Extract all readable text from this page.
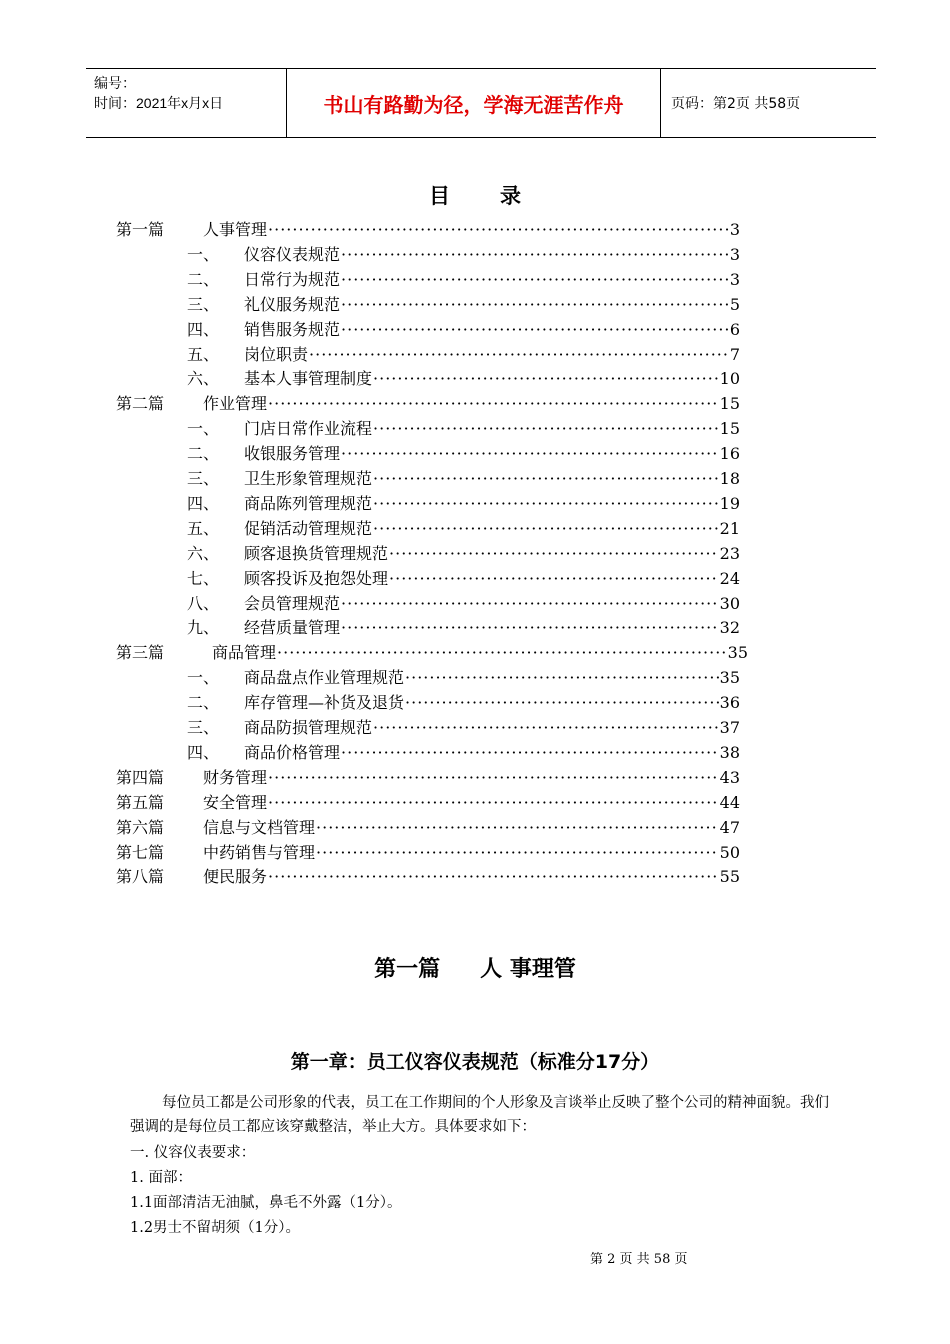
编号：
时间：2021年x月x日	书山有路勤为径，学海无涯苦作舟	页码：第2页 共58页
目 录
第一篇 人事管理 ·····	3
一、 仪容仪表规范 ·····	3
二、 日常行为规范 ·····	3
三、 礼仪服务规范 ·····	5
四、 销售服务规范 ·····	6
五、 岗位职责 ·····	7
六、 基本人事管理制度 ·····	10
第二篇 作业管理 ·····	15
一、 门店日常作业流程 ·····	15
二、 收银服务管理 ·····	16
三、 卫生形象管理规范 ·····	18
四、 商品陈列管理规范 ·····	19
五、 促销活动管理规范 ·····	21
六、 顾客退换货管理规范 ·····	23
七、 顾客投诉及抱怨处理 ·····	24
八、 会员管理规范 ·····	30
九、 经营质量管理 ·····	32
第三篇	商品管理 ·····	35
一、 商品盘点作业管理规范 ·····	35
二、 库存管理—补货及退货 ·····	36
三、 商品防损管理规范 ·····	37
四、 商品价格管理 ·····	38
第四篇 财务管理 ·····	43
第五篇 安全管理 ·····	44
第六篇 信息与文档管理 ·····	47
第七篇 中药销售与管理 ·····	50
第八篇 便民服务 ·····	55
第一篇 人 事理管
第一章：员工仪容仪表规范（标准分17分）
每位员工都是公司形象的代表，员工在工作期间的个人形象及言谈举止反映了整个公司的精神面貌。我们强调的是每位员工都应该穿戴整洁，举止大方。具体要求如下：
一. 仪容仪表要求：
1. 面部：
1.1面部清洁无油腻，鼻毛不外露（1分）。
1.2男士不留胡须（1分）。
第 2 页 共 58 页
